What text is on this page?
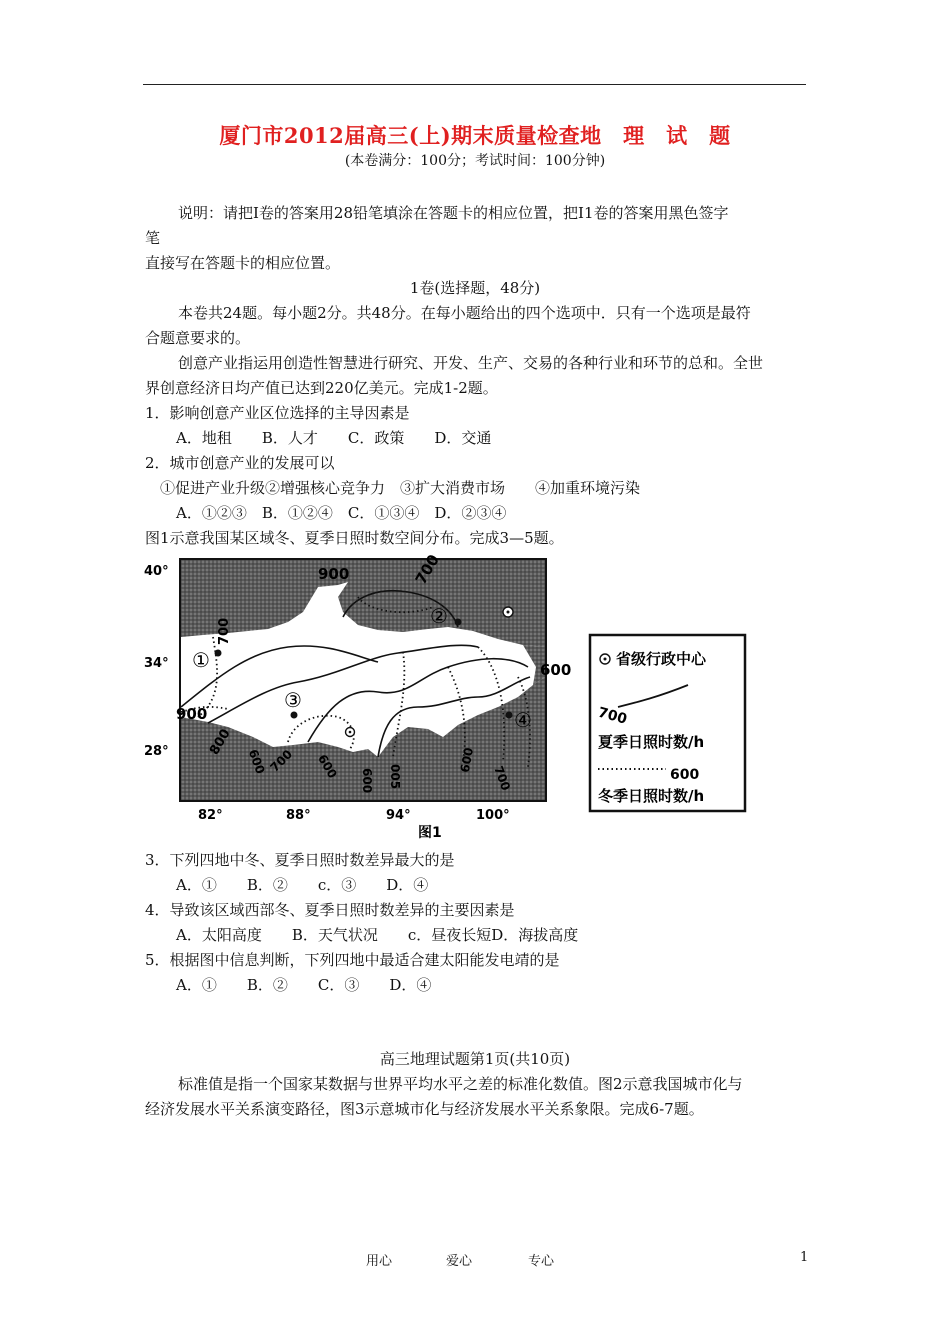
厦门市2012届高三(上)期末质量检查地　理　试　题
(本卷满分：100分；考试时间：100分钟)
说明：请把I卷的答案用28铅笔填涂在答题卡的相应位置，把I1卷的答案用黑色签字
笔
直接写在答题卡的相应位置。
1卷(选择题，48分)
本卷共24题。每小题2分。共48分。在每小题给出的四个选项中．只有一个选项是最符
合题意要求的。
创意产业指运用创造性智慧进行研究、开发、生产、交易的各种行业和环节的总和。全世
界创意经济日均产值已达到220亿美元。完成1-2题。
1．影响创意产业区位选择的主导因素是
A．地租　　B．人才　　C．政策　　D．交通
2．城市创意产业的发展可以
①促进产业升级②增强核心竞争力　③扩大消费市场　　④加重环境污染
A．①②③　B．①②④　C．①③④　D．②③④
图1示意我国某区域冬、夏季日照时数空间分布。完成3—5题。
①
②
③
④
900	700
700
600
900
800
600 700 600 600 005
600
700
40°
34°
28°
82°	88°	94°	100°
图1
省级行政中心
700
夏季日照时数/h
600
冬季日照时数/h
3．下列四地中冬、夏季日照时数差异最大的是
A．①　　B．②　　c．③　　D．④
4．导致该区域西部冬、夏季日照时数差异的主要因素是
A．太阳高度　　B．天气状况　　c．昼夜长短D．海拔高度
5．根据图中信息判断，下列四地中最适合建太阳能发电靖的是
A．①　　B．②　　C．③　　D．④
高三地理试题第1页(共10页)
标准值是指一个国家某数据与世界平均水平之差的标准化数值。图2示意我国城市化与
经济发展水平关系演变路径，图3示意城市化与经济发展水平关系象限。完成6-7题。
用心	爱心	专心	1
